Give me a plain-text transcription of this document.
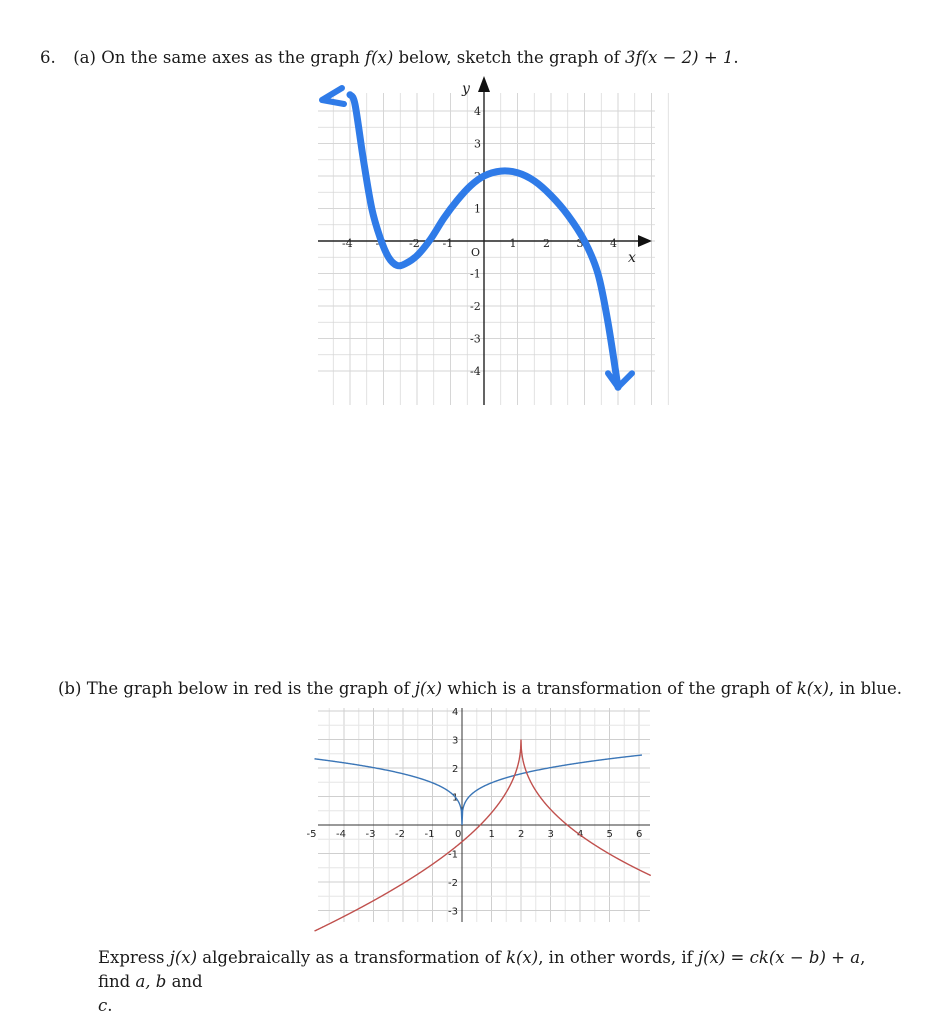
6. (a) On the same axes as the graph f(x) below, sketch the graph of 3f(x − 2) + 1.
x
y
-4 -3 -2 -1
O
1 2 3 4
4
3
2
1
-1
-2
-3
-4
(b) The graph below in red is the graph of j(x) which is a transformation of the graph of k(x), in blue.
-5 -4 -3 -2 -1 0	1 2 3 4 5 6
4
3
2
1
-1
-2
-3
Express j(x) algebraically as a transformation of k(x), in other words, if j(x) = ck(x − b) + a, find a, b and
c.
